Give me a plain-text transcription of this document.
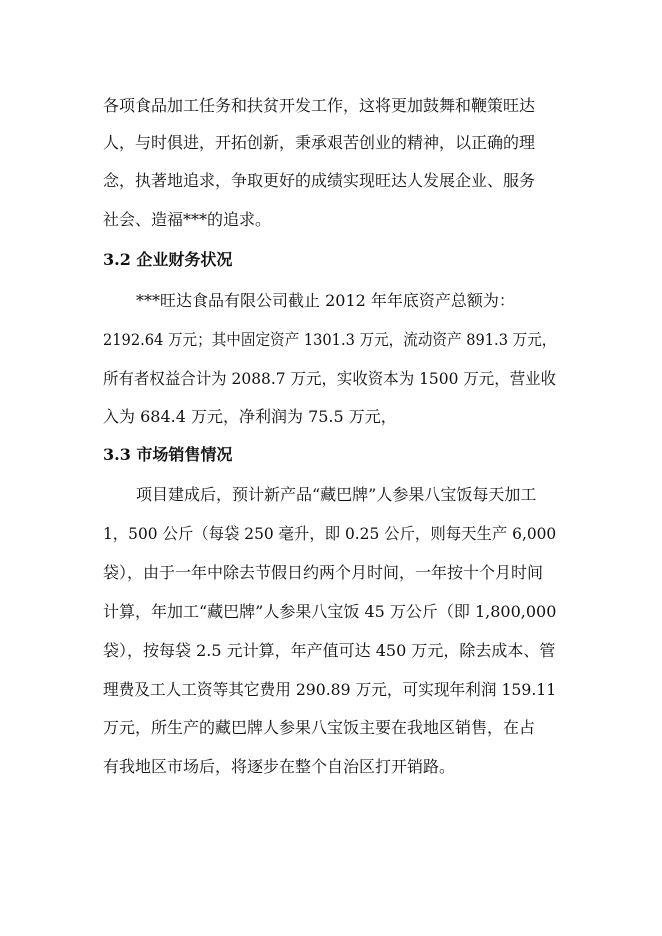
各项食品加工任务和扶贫开发工作，这将更加鼓舞和鞭策旺达
人，与时俱进，开拓创新，秉承艰苦创业的精神，以正确的理
念，执著地追求，争取更好的成绩实现旺达人发展企业、服务
社会、造福***的追求。
3.2 企业财务状况
***旺达食品有限公司截止 2012 年年底资产总额为：
2192.64 万元；其中固定资产 1301.3 万元，流动资产 891.3 万元，
所有者权益合计为 2088.7 万元，实收资本为 1500 万元，营业收
入为 684.4 万元，净利润为 75.5 万元，
3.3 市场销售情况
项目建成后，预计新产品“藏巴牌”人参果八宝饭每天加工
1，500 公斤（每袋 250 毫升，即 0.25 公斤，则每天生产 6,000
袋），由于一年中除去节假日约两个月时间，一年按十个月时间
计算，年加工“藏巴牌”人参果八宝饭 45 万公斤（即 1,800,000
袋），按每袋 2.5 元计算，年产值可达 450 万元，除去成本、管
理费及工人工资等其它费用 290.89 万元，可实现年利润 159.11
万元，所生产的藏巴牌人参果八宝饭主要在我地区销售，在占
有我地区市场后，将逐步在整个自治区打开销路。
